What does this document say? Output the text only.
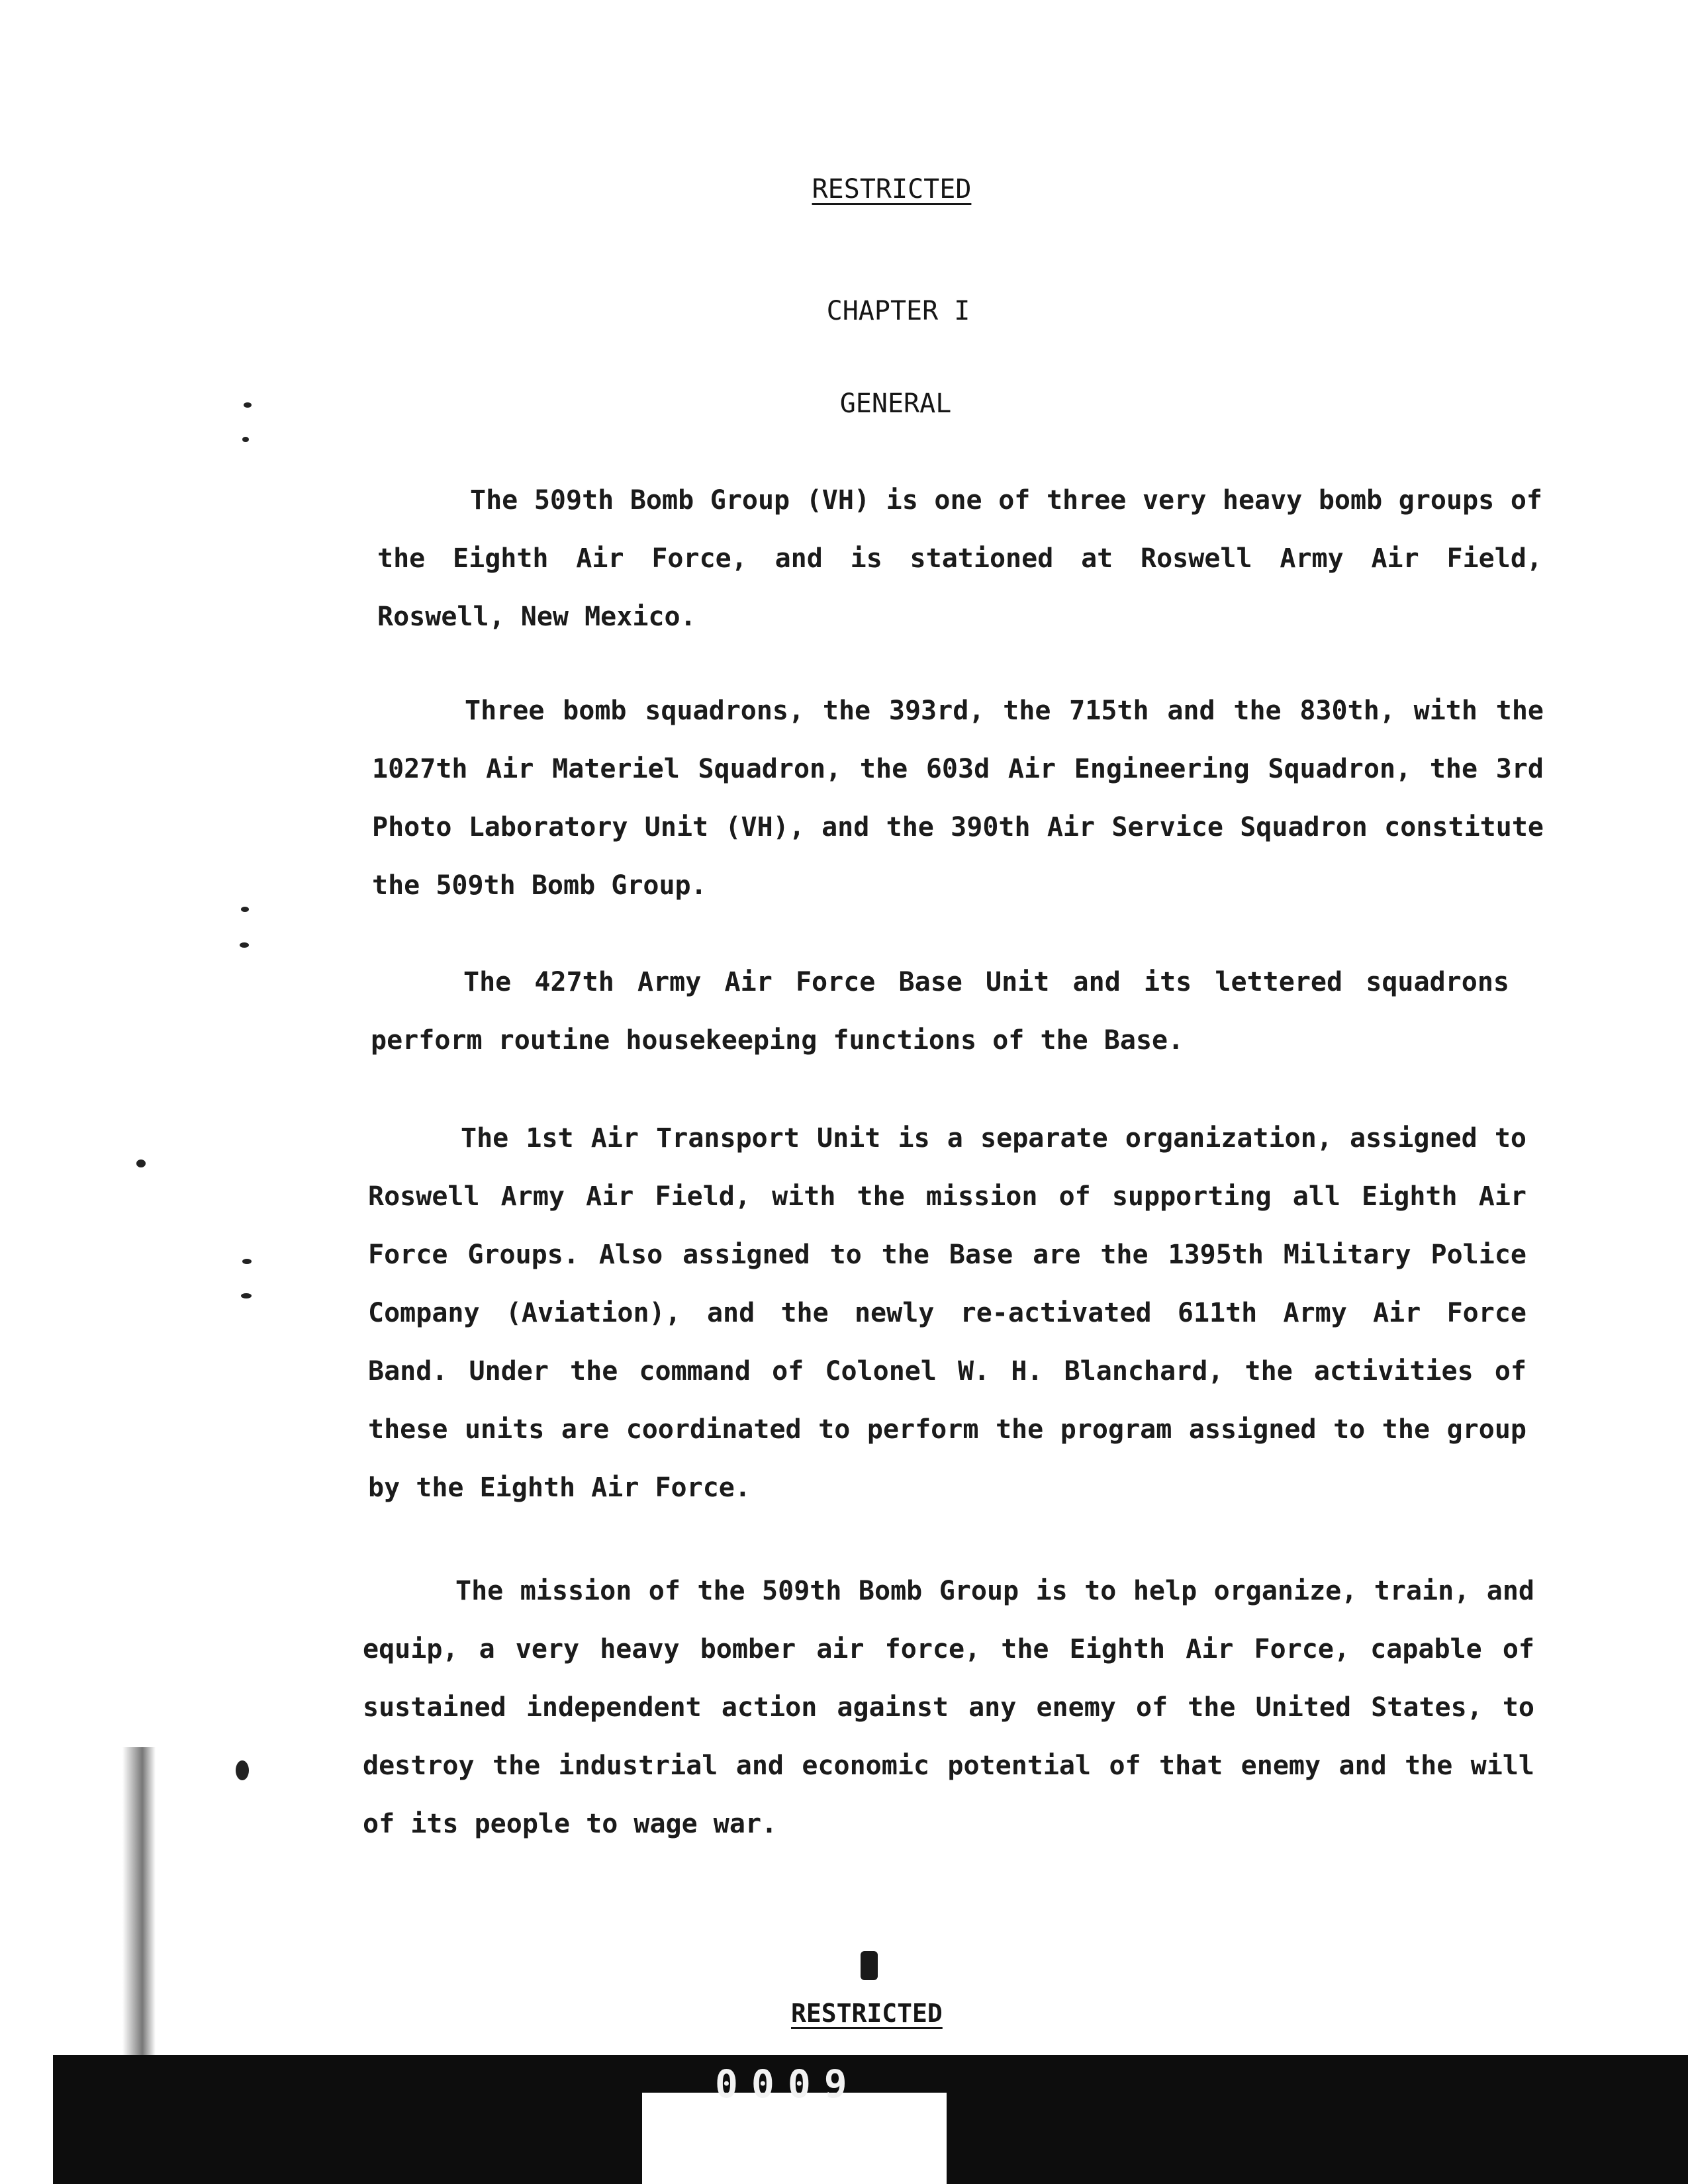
RESTRICTED
CHAPTER I
GENERAL

The 509th Bomb Group (VH) is one of three very heavy bomb groups of the Eighth Air Force, and is stationed at Roswell Army Air Field, Roswell, New Mexico.

Three bomb squadrons, the 393rd, the 715th and the 830th, with the 1027th Air Materiel Squadron, the 603d Air Engineering Squadron, the 3rd Photo Laboratory Unit (VH), and the 390th Air Service Squadron constitute the 509th Bomb Group.

The 427th Army Air Force Base Unit and its lettered squadrons perform routine housekeeping functions of the Base.

The 1st Air Transport Unit is a separate organization, assigned to Roswell Army Air Field, with the mission of supporting all Eighth Air Force Groups. Also assigned to the Base are the 1395th Military Police Company (Aviation), and the newly re-activated 611th Army Air Force Band. Under the command of Colonel W. H. Blanchard, the activities of these units are coordinated to perform the program assigned to the group by the Eighth Air Force.

The mission of the 509th Bomb Group is to help organize, train, and equip, a very heavy bomber air force, the Eighth Air Force, capable of sustained independent action against any enemy of the United States, to destroy the industrial and economic potential of that enemy and the will of its people to wage war.

RESTRICTED
0009
